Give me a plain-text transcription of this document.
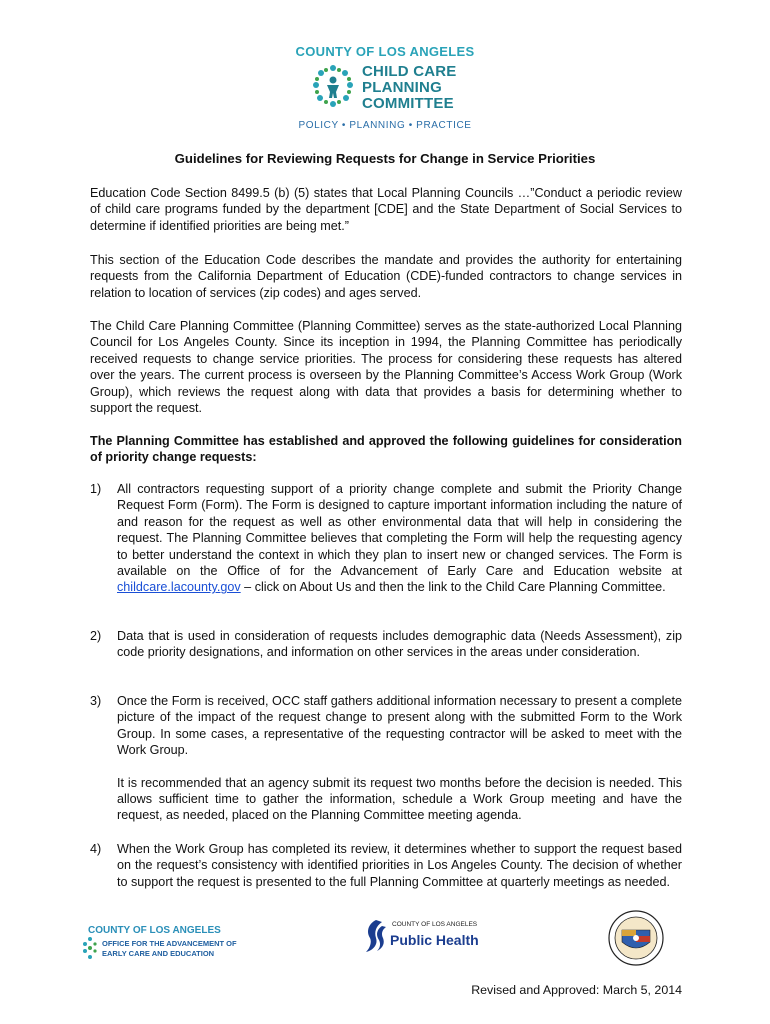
COUNTY OF LOS ANGELES
CHILD CARE
PLANNING
COMMITTEE
POLICY • PLANNING • PRACTICE
Guidelines for Reviewing Requests for Change in Service Priorities

Education Code Section 8499.5 (b) (5) states that Local Planning Councils …”Conduct a periodic review of child care programs funded by the department [CDE] and the State Department of Social Services to determine if identified priorities are being met.”

This section of the Education Code describes the mandate and provides the authority for entertaining requests from the California Department of Education (CDE)-funded contractors to change services in relation to location of services (zip codes) and ages served.

The Child Care Planning Committee (Planning Committee) serves as the state-authorized Local Planning Council for Los Angeles County. Since its inception in 1994, the Planning Committee has periodically received requests to change service priorities. The process for considering these requests has altered over the years. The current process is overseen by the Planning Committee’s Access Work Group (Work Group), which reviews the request along with data that provides a basis for determining whether to support the request.

The Planning Committee has established and approved the following guidelines for consideration of priority change requests:

1) All contractors requesting support of a priority change complete and submit the Priority Change Request Form (Form). The Form is designed to capture important information including the nature of and reason for the request as well as other environmental data that will help in considering the request. The Planning Committee believes that completing the Form will help the requesting agency to better understand the context in which they plan to insert new or changed services. The Form is available on the Office of for the Advancement of Early Care and Education website at childcare.lacounty.gov – click on About Us and then the link to the Child Care Planning Committee.
2) Data that is used in consideration of requests includes demographic data (Needs Assessment), zip code priority designations, and information on other services in the areas under consideration.
3) Once the Form is received, OCC staff gathers additional information necessary to present a complete picture of the impact of the request change to present along with the submitted Form to the Work Group. In some cases, a representative of the requesting contractor will be asked to meet with the Work Group.
It is recommended that an agency submit its request two months before the decision is needed. This allows sufficient time to gather the information, schedule a Work Group meeting and have the request, as needed, placed on the Planning Committee meeting agenda.
4) When the Work Group has completed its review, it determines whether to support the request based on the request’s consistency with identified priorities in Los Angeles County. The decision of whether to support the request is presented to the full Planning Committee at quarterly meetings as needed.
COUNTY OF LOS ANGELES
OFFICE FOR THE ADVANCEMENT OF
EARLY CARE AND EDUCATION
COUNTY OF LOS ANGELES
Public Health
Revised and Approved: March 5, 2014
